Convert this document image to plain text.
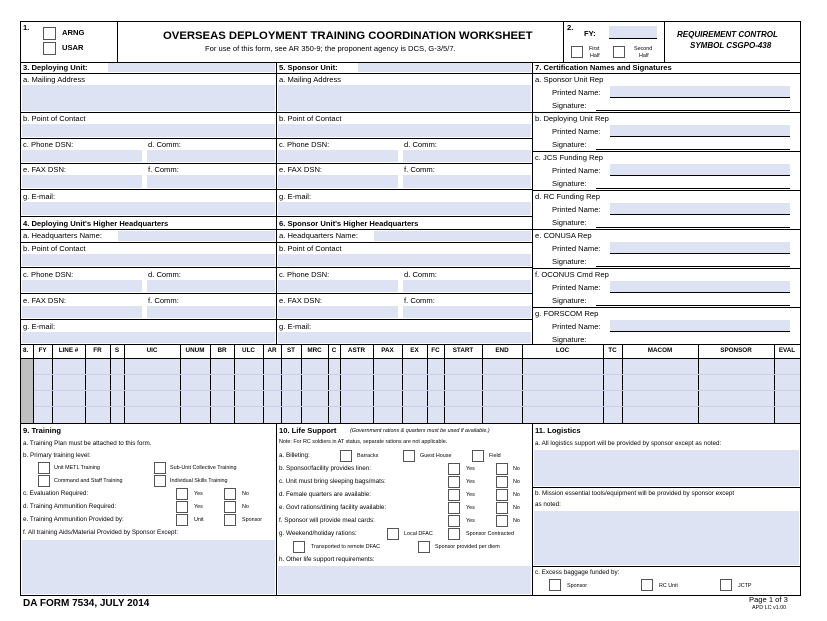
1.
ARNG
USAR
OVERSEAS DEPLOYMENT TRAINING COORDINATION WORKSHEET
For use of this form, see AR 350-9; the proponent agency is DCS, G-3/5/7.
2.
FY:
First
Half
Second
Half
REQUIREMENT CONTROL
SYMBOL CSGPO-438
3. Deploying Unit:	5. Sponsor Unit:
a. Mailing Address	a. Mailing Address
b. Point of Contact	b. Point of Contact
c. Phone DSN:	d. Comm:	c. Phone DSN:	d. Comm:
e. FAX DSN:	f. Comm:	e. FAX DSN:	f. Comm:
g. E-mail:	g. E-mail:
4. Deploying Unit's Higher Headquarters	6. Sponsor Unit's Higher Headquarters
a. Headquarters Name:	a. Headquarters Name:
b. Point of Contact	b. Point of Contact
c. Phone DSN:	d. Comm:	c. Phone DSN:	d. Comm:
e. FAX DSN:	f. Comm:	e. FAX DSN:	f. Comm:
g. E-mail:	g. E-mail:
7. Certification Names and Signatures
a. Sponsor Unit Rep
Printed Name:
Signature:
b. Deploying Unit Rep
Printed Name:
Signature:
c. JCS Funding Rep
Printed Name:
Signature:
d. RC Funding Rep
Printed Name:
Signature:
e. CONUSA Rep
Printed Name:
Signature:
f. OCONUS Cmd Rep
Printed Name:
Signature:
g. FORSCOM Rep
Printed Name:
Signature:
8.	FY	LINE #	FR	S	UIC	UNUM	BR	ULC	AR	ST	MRC	C	ASTR	PAX	EX	FC	START	END	LOC	TC	MACOM	SPONSOR	EVAL
9. Training
a. Training Plan must be attached to this form.
b. Primary training level:
Unit METL Training	Sub-Unit Collective Training
Command and Staff Training	Individual Skills Training
c. Evaluation Required:	Yes	No
d. Training Ammunition Required:	Yes	No
e. Training Ammunition Provided by:	Unit	Sponsor
f. All training Aids/Material Provided by Sponsor Except:
10. Life Support	(Government rations & quarters must be used if available.)
Note: For RC soldiers in AT status, separate rations are not applicable.
a. Billeting:	Barracks	Guest House	Field
b. Sponsor/facility provides linen:	Yes	No
c. Unit must bring sleeping bags/mats:	Yes	No
d. Female quarters are available:	Yes	No
e. Govt rations/dining facility available:	Yes	No
f. Sponsor will provide meal cards:	Yes	No
g. Weekend/holiday rations:	Local DFAC	Sponsor Contracted
Transported to remote DFAC	Sponsor provided per diem
h. Other life support requirements:
11. Logistics
a. All logistics support will be provided by sponsor except as noted:
b. Mission essential tools/equipment will be provided by sponsor except
as noted:
c. Excess baggage funded by:
Sponsor	RC Unit	JCTP
DA FORM 7534, JULY 2014	Page 1 of 3
APD LC v1.00
